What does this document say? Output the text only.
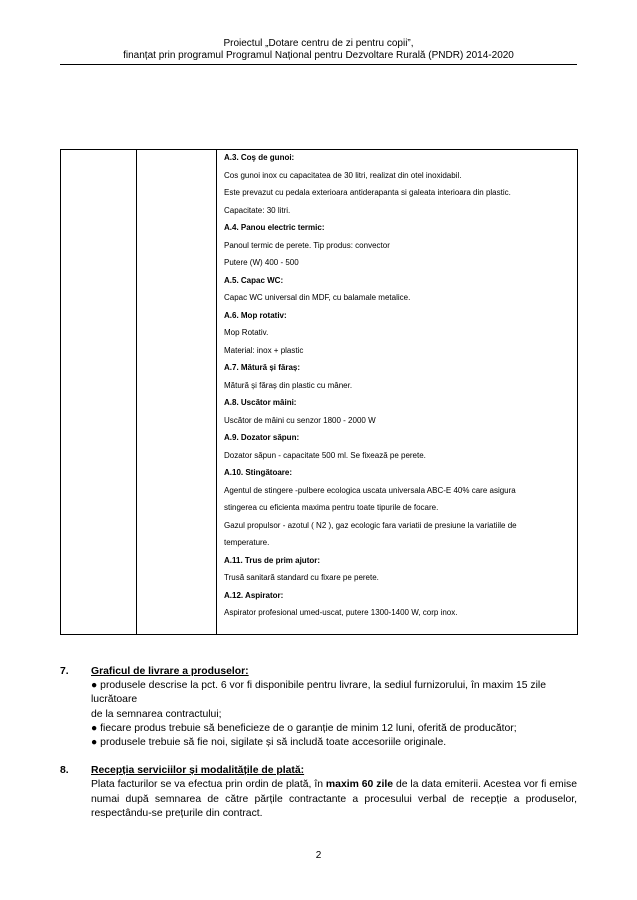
Proiectul „Dotare centru de zi pentru copii”,
finanțat prin programul Programul Național pentru Dezvoltare Rurală (PNDR) 2014-2020

A.3. Coş de gunoi:
Cos gunoi inox cu capacitatea de 30 litri, realizat din otel inoxidabil.
Este prevazut cu pedala exterioara antiderapanta si galeata interioara din plastic.
Capacitate: 30 litri.
A.4. Panou electric termic:
Panoul termic de perete. Tip produs: convector
Putere (W) 400 - 500
A.5. Capac WC:
Capac WC universal din MDF, cu balamale metalice.
A.6. Mop rotativ:
Mop Rotativ.
Material: inox + plastic
A.7. Mătură și făraș:
Mătură și făraș din plastic cu mâner.
A.8. Uscător mâini:
Uscător de mâini cu senzor 1800 - 2000 W
A.9. Dozator săpun:
Dozator săpun - capacitate 500 ml. Se fixează pe perete.
A.10. Stingătoare:
Agentul de stingere -pulbere ecologica uscata universala ABC-E 40% care asigura
stingerea cu eficienta maxima pentru toate tipurile de focare.
Gazul propulsor - azotul ( N2 ), gaz ecologic fara variatii de presiune la variatiile de
temperature.
A.11. Trus de prim ajutor:
Trusă sanitară standard cu fixare pe perete.
A.12. Aspirator:
Aspirator profesional umed-uscat, putere 1300-1400 W, corp inox.
7.	Graficul de livrare a produselor:
● produsele descrise la pct. 6 vor fi disponibile pentru livrare, la sediul furnizorului, în maxim 15 zile
lucrătoare
de la semnarea contractului;
● fiecare produs trebuie să beneficieze de o garanție de minim 12 luni, oferită de producător;
● produsele trebuie să fie noi, sigilate și să includă toate accesoriile originale.
8.	Recepția serviciilor și modalitățile de plată:
Plata facturilor se va efectua prin ordin de plată, în maxim 60 zile de la data emiterii. Acestea vor fi emise numai după semnarea de către părțile contractante a procesului verbal de recepție a produselor, respectându-se prețurile din contract.
2
